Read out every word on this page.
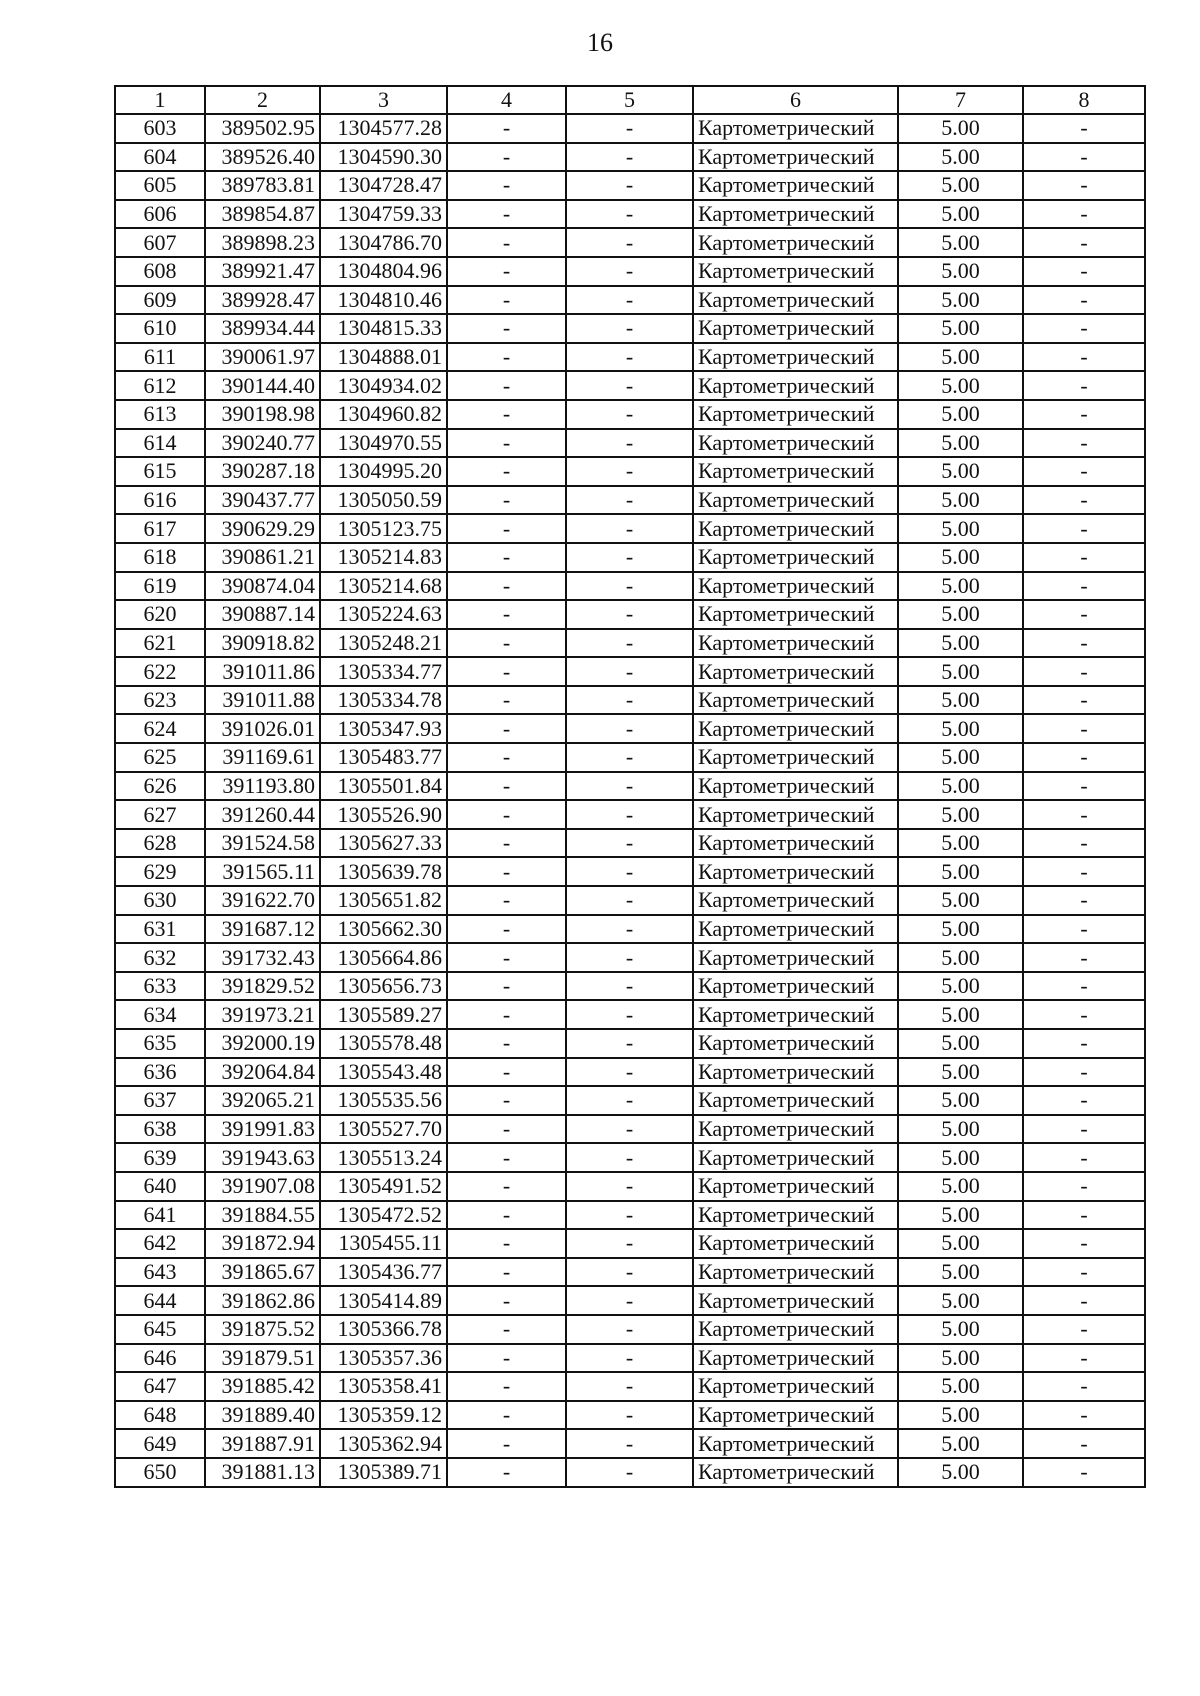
16
1	2	3	4	5	6	7	8
603	389502.95	1304577.28	-	-	Картометрический	5.00	-
604	389526.40	1304590.30	-	-	Картометрический	5.00	-
605	389783.81	1304728.47	-	-	Картометрический	5.00	-
606	389854.87	1304759.33	-	-	Картометрический	5.00	-
607	389898.23	1304786.70	-	-	Картометрический	5.00	-
608	389921.47	1304804.96	-	-	Картометрический	5.00	-
609	389928.47	1304810.46	-	-	Картометрический	5.00	-
610	389934.44	1304815.33	-	-	Картометрический	5.00	-
611	390061.97	1304888.01	-	-	Картометрический	5.00	-
612	390144.40	1304934.02	-	-	Картометрический	5.00	-
613	390198.98	1304960.82	-	-	Картометрический	5.00	-
614	390240.77	1304970.55	-	-	Картометрический	5.00	-
615	390287.18	1304995.20	-	-	Картометрический	5.00	-
616	390437.77	1305050.59	-	-	Картометрический	5.00	-
617	390629.29	1305123.75	-	-	Картометрический	5.00	-
618	390861.21	1305214.83	-	-	Картометрический	5.00	-
619	390874.04	1305214.68	-	-	Картометрический	5.00	-
620	390887.14	1305224.63	-	-	Картометрический	5.00	-
621	390918.82	1305248.21	-	-	Картометрический	5.00	-
622	391011.86	1305334.77	-	-	Картометрический	5.00	-
623	391011.88	1305334.78	-	-	Картометрический	5.00	-
624	391026.01	1305347.93	-	-	Картометрический	5.00	-
625	391169.61	1305483.77	-	-	Картометрический	5.00	-
626	391193.80	1305501.84	-	-	Картометрический	5.00	-
627	391260.44	1305526.90	-	-	Картометрический	5.00	-
628	391524.58	1305627.33	-	-	Картометрический	5.00	-
629	391565.11	1305639.78	-	-	Картометрический	5.00	-
630	391622.70	1305651.82	-	-	Картометрический	5.00	-
631	391687.12	1305662.30	-	-	Картометрический	5.00	-
632	391732.43	1305664.86	-	-	Картометрический	5.00	-
633	391829.52	1305656.73	-	-	Картометрический	5.00	-
634	391973.21	1305589.27	-	-	Картометрический	5.00	-
635	392000.19	1305578.48	-	-	Картометрический	5.00	-
636	392064.84	1305543.48	-	-	Картометрический	5.00	-
637	392065.21	1305535.56	-	-	Картометрический	5.00	-
638	391991.83	1305527.70	-	-	Картометрический	5.00	-
639	391943.63	1305513.24	-	-	Картометрический	5.00	-
640	391907.08	1305491.52	-	-	Картометрический	5.00	-
641	391884.55	1305472.52	-	-	Картометрический	5.00	-
642	391872.94	1305455.11	-	-	Картометрический	5.00	-
643	391865.67	1305436.77	-	-	Картометрический	5.00	-
644	391862.86	1305414.89	-	-	Картометрический	5.00	-
645	391875.52	1305366.78	-	-	Картометрический	5.00	-
646	391879.51	1305357.36	-	-	Картометрический	5.00	-
647	391885.42	1305358.41	-	-	Картометрический	5.00	-
648	391889.40	1305359.12	-	-	Картометрический	5.00	-
649	391887.91	1305362.94	-	-	Картометрический	5.00	-
650	391881.13	1305389.71	-	-	Картометрический	5.00	-
